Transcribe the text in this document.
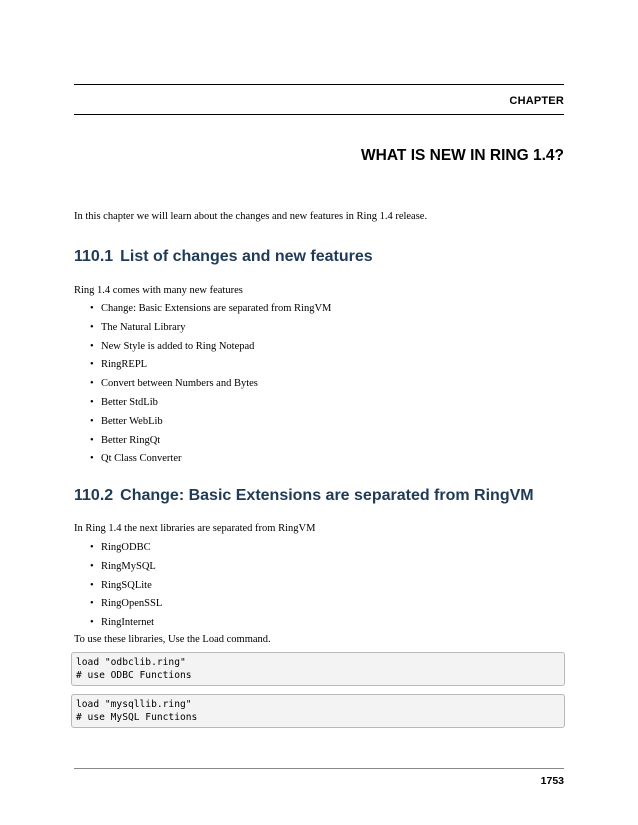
CHAPTER
WHAT IS NEW IN RING 1.4?
In this chapter we will learn about the changes and new features in Ring 1.4 release.
110.1 List of changes and new features
Ring 1.4 comes with many new features
• Change: Basic Extensions are separated from RingVM
• The Natural Library
• New Style is added to Ring Notepad
• RingREPL
• Convert between Numbers and Bytes
• Better StdLib
• Better WebLib
• Better RingQt
• Qt Class Converter
110.2 Change: Basic Extensions are separated from RingVM
In Ring 1.4 the next libraries are separated from RingVM
• RingODBC
• RingMySQL
• RingSQLite
• RingOpenSSL
• RingInternet
To use these libraries, Use the Load command.
load "odbclib.ring"
# use ODBC Functions
load "mysqllib.ring"
# use MySQL Functions
1753
